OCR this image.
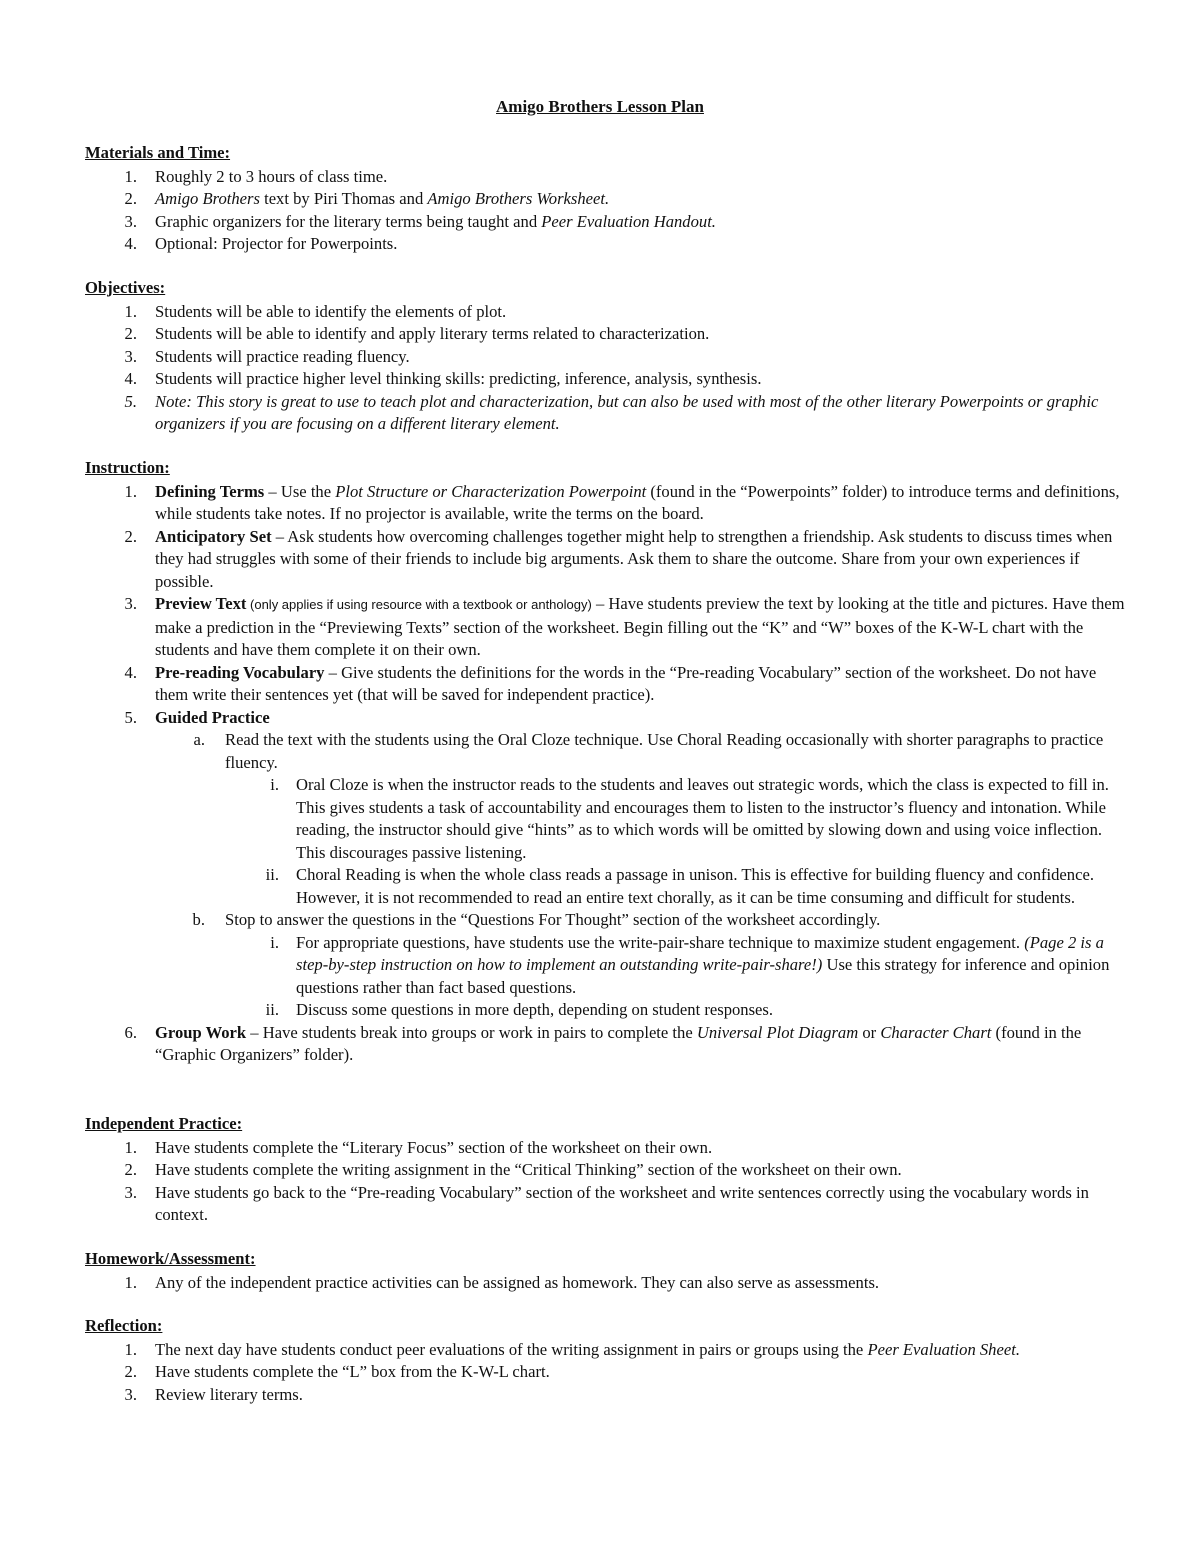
Amigo Brothers Lesson Plan
Materials and Time:
1. Roughly 2 to 3 hours of class time.
2. Amigo Brothers text by Piri Thomas and Amigo Brothers Worksheet.
3. Graphic organizers for the literary terms being taught and Peer Evaluation Handout.
4. Optional: Projector for Powerpoints.
Objectives:
1. Students will be able to identify the elements of plot.
2. Students will be able to identify and apply literary terms related to characterization.
3. Students will practice reading fluency.
4. Students will practice higher level thinking skills: predicting, inference, analysis, synthesis.
5. Note: This story is great to use to teach plot and characterization, but can also be used with most of the other literary Powerpoints or graphic organizers if you are focusing on a different literary element.
Instruction:
1. Defining Terms – Use the Plot Structure or Characterization Powerpoint (found in the “Powerpoints” folder) to introduce terms and definitions, while students take notes. If no projector is available, write the terms on the board.
2. Anticipatory Set – Ask students how overcoming challenges together might help to strengthen a friendship. Ask students to discuss times when they had struggles with some of their friends to include big arguments. Ask them to share the outcome. Share from your own experiences if possible.
3. Preview Text (only applies if using resource with a textbook or anthology) – Have students preview the text by looking at the title and pictures. Have them make a prediction in the “Previewing Texts” section of the worksheet. Begin filling out the “K” and “W” boxes of the K-W-L chart with the students and have them complete it on their own.
4. Pre-reading Vocabulary – Give students the definitions for the words in the “Pre-reading Vocabulary” section of the worksheet. Do not have them write their sentences yet (that will be saved for independent practice).
5. Guided Practice
a. Read the text with the students using the Oral Cloze technique. Use Choral Reading occasionally with shorter paragraphs to practice fluency.
i. Oral Cloze is when the instructor reads to the students and leaves out strategic words, which the class is expected to fill in. This gives students a task of accountability and encourages them to listen to the instructor’s fluency and intonation. While reading, the instructor should give “hints” as to which words will be omitted by slowing down and using voice inflection. This discourages passive listening.
ii. Choral Reading is when the whole class reads a passage in unison. This is effective for building fluency and confidence. However, it is not recommended to read an entire text chorally, as it can be time consuming and difficult for students.
b. Stop to answer the questions in the “Questions For Thought” section of the worksheet accordingly.
i. For appropriate questions, have students use the write-pair-share technique to maximize student engagement. (Page 2 is a step-by-step instruction on how to implement an outstanding write-pair-share!) Use this strategy for inference and opinion questions rather than fact based questions.
ii. Discuss some questions in more depth, depending on student responses.
6. Group Work – Have students break into groups or work in pairs to complete the Universal Plot Diagram or Character Chart (found in the “Graphic Organizers” folder).
Independent Practice:
1. Have students complete the “Literary Focus” section of the worksheet on their own.
2. Have students complete the writing assignment in the “Critical Thinking” section of the worksheet on their own.
3. Have students go back to the “Pre-reading Vocabulary” section of the worksheet and write sentences correctly using the vocabulary words in context.
Homework/Assessment:
1. Any of the independent practice activities can be assigned as homework. They can also serve as assessments.
Reflection:
1. The next day have students conduct peer evaluations of the writing assignment in pairs or groups using the Peer Evaluation Sheet.
2. Have students complete the “L” box from the K-W-L chart.
3. Review literary terms.
